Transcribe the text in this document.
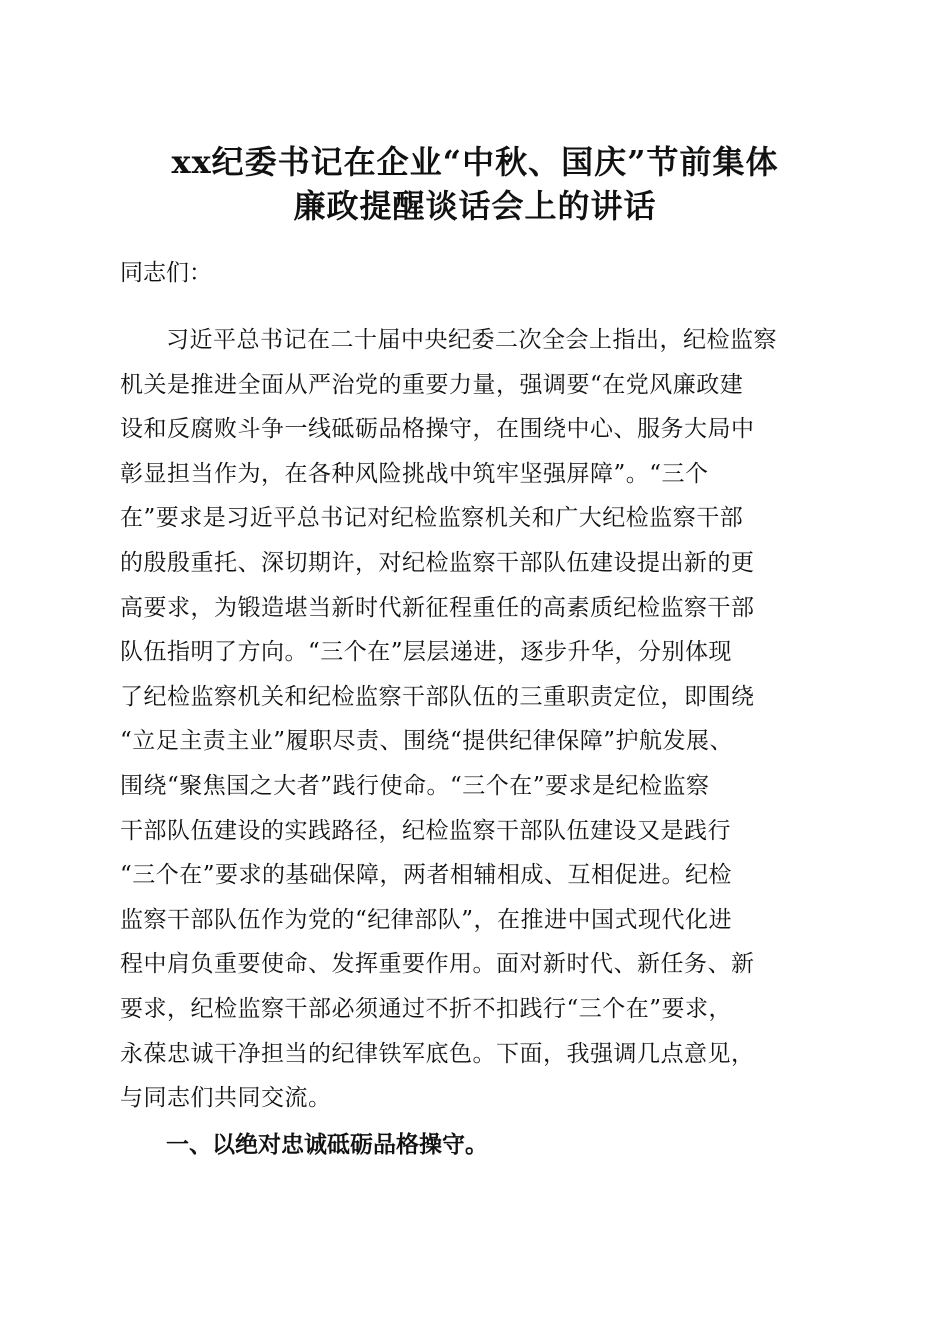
xx纪委书记在企业“中秋、国庆”节前集体
廉政提醒谈话会上的讲话
同志们：
习近平总书记在二十届中央纪委二次全会上指出，纪检监察
机关是推进全面从严治党的重要力量，强调要“在党风廉政建
设和反腐败斗争一线砥砺品格操守，在围绕中心、服务大局中
彰显担当作为，在各种风险挑战中筑牢坚强屏障”。“三个
在”要求是习近平总书记对纪检监察机关和广大纪检监察干部
的殷殷重托、深切期许，对纪检监察干部队伍建设提出新的更
高要求，为锻造堪当新时代新征程重任的高素质纪检监察干部
队伍指明了方向。“三个在”层层递进，逐步升华，分别体现
了纪检监察机关和纪检监察干部队伍的三重职责定位，即围绕
“立足主责主业”履职尽责、围绕“提供纪律保障”护航发展、
围绕“聚焦国之大者”践行使命。“三个在”要求是纪检监察
干部队伍建设的实践路径，纪检监察干部队伍建设又是践行
“三个在”要求的基础保障，两者相辅相成、互相促进。纪检
监察干部队伍作为党的“纪律部队”，在推进中国式现代化进
程中肩负重要使命、发挥重要作用。面对新时代、新任务、新
要求，纪检监察干部必须通过不折不扣践行“三个在”要求，
永葆忠诚干净担当的纪律铁军底色。下面，我强调几点意见，
与同志们共同交流。
一、以绝对忠诚砥砺品格操守。
